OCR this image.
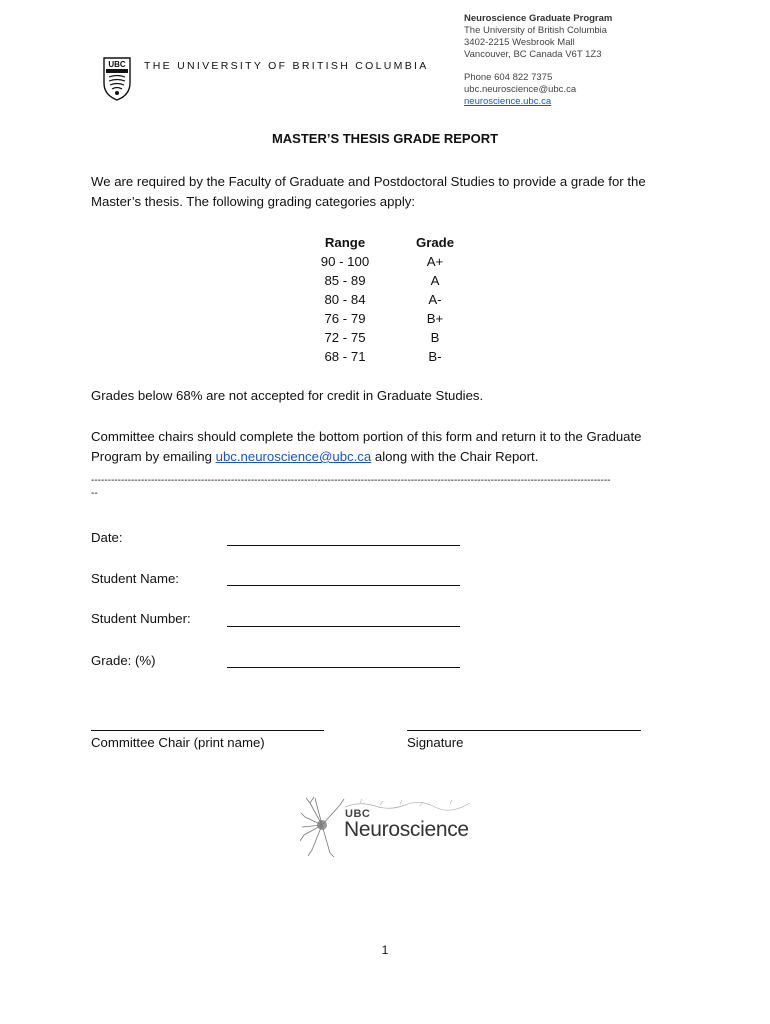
UBC THE UNIVERSITY OF BRITISH COLUMBIA
Neuroscience Graduate Program
The University of British Columbia
3402-2215 Wesbrook Mall
Vancouver, BC Canada V6T 1Z3
Phone 604 822 7375
ubc.neuroscience@ubc.ca
neuroscience.ubc.ca
MASTER’S THESIS GRADE REPORT
We are required by the Faculty of Graduate and Postdoctoral Studies to provide a grade for the Master’s thesis. The following grading categories apply:
Range	Grade
90 - 100	A+
85 - 89	A
80 - 84	A-
76 - 79	B+
72 - 75	B
68 - 71	B-
Grades below 68% are not accepted for credit in Graduate Studies.
Committee chairs should complete the bottom portion of this form and return it to the Graduate Program by emailing ubc.neuroscience@ubc.ca along with the Chair Report.
------------------------------------------------------------------------------------------------------------------------------------------------------------
--
Date:
Student Name:
Student Number:
Grade: (%)
Committee Chair (print name)	Signature
UBC
Neuroscience
1
